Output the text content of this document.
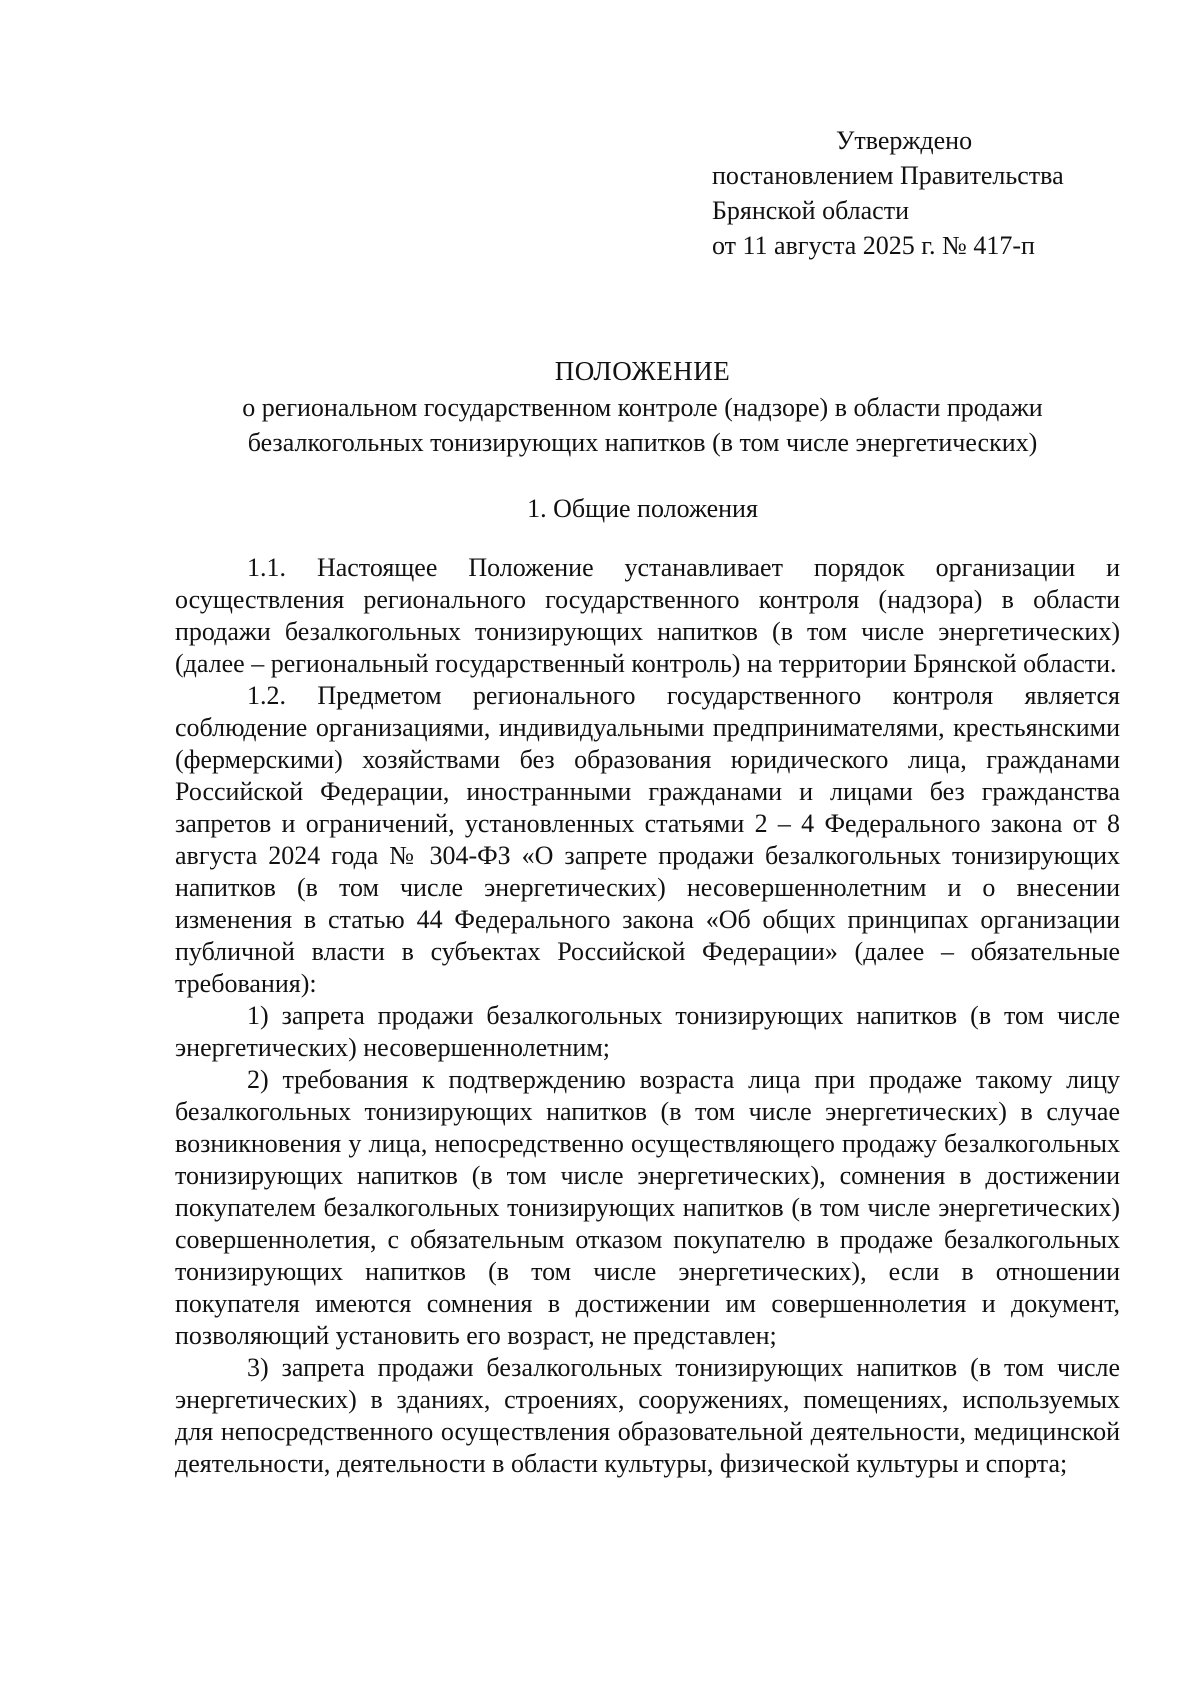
Утверждено
постановлением Правительства
Брянской области
от 11 августа 2025 г. № 417-п
ПОЛОЖЕНИЕ
о региональном государственном контроле (надзоре) в области продажи
безалкогольных тонизирующих напитков (в том числе энергетических)
1. Общие положения

1.1. Настоящее Положение устанавливает порядок организации и осуществления регионального государственного контроля (надзора) в области продажи безалкогольных тонизирующих напитков (в том числе энергетических) (далее – региональный государственный контроль) на территории Брянской области.

1.2. Предметом регионального государственного контроля является соблюдение организациями, индивидуальными предпринимателями, крестьянскими (фермерскими) хозяйствами без образования юридического лица, гражданами Российской Федерации, иностранными гражданами и лицами без гражданства запретов и ограничений, установленных статьями 2 – 4 Федерального закона от 8 августа 2024 года № 304-ФЗ «О запрете продажи безалкогольных тонизирующих напитков (в том числе энергетических) несовершеннолетним и о внесении изменения в статью 44 Федерального закона «Об общих принципах организации публичной власти в субъектах Российской Федерации» (далее – обязательные требования):

1) запрета продажи безалкогольных тонизирующих напитков (в том числе энергетических) несовершеннолетним;

2) требования к подтверждению возраста лица при продаже такому лицу безалкогольных тонизирующих напитков (в том числе энергетических) в случае возникновения у лица, непосредственно осуществляющего продажу безалкогольных тонизирующих напитков (в том числе энергетических), сомнения в достижении покупателем безалкогольных тонизирующих напитков (в том числе энергетических) совершеннолетия, с обязательным отказом покупателю в продаже безалкогольных тонизирующих напитков (в том числе энергетических), если в отношении покупателя имеются сомнения в достижении им совершеннолетия и документ, позволяющий установить его возраст, не представлен;

3) запрета продажи безалкогольных тонизирующих напитков (в том числе энергетических) в зданиях, строениях, сооружениях, помещениях, используемых для непосредственного осуществления образовательной деятельности, медицинской деятельности, деятельности в области культуры, физической культуры и спорта;
